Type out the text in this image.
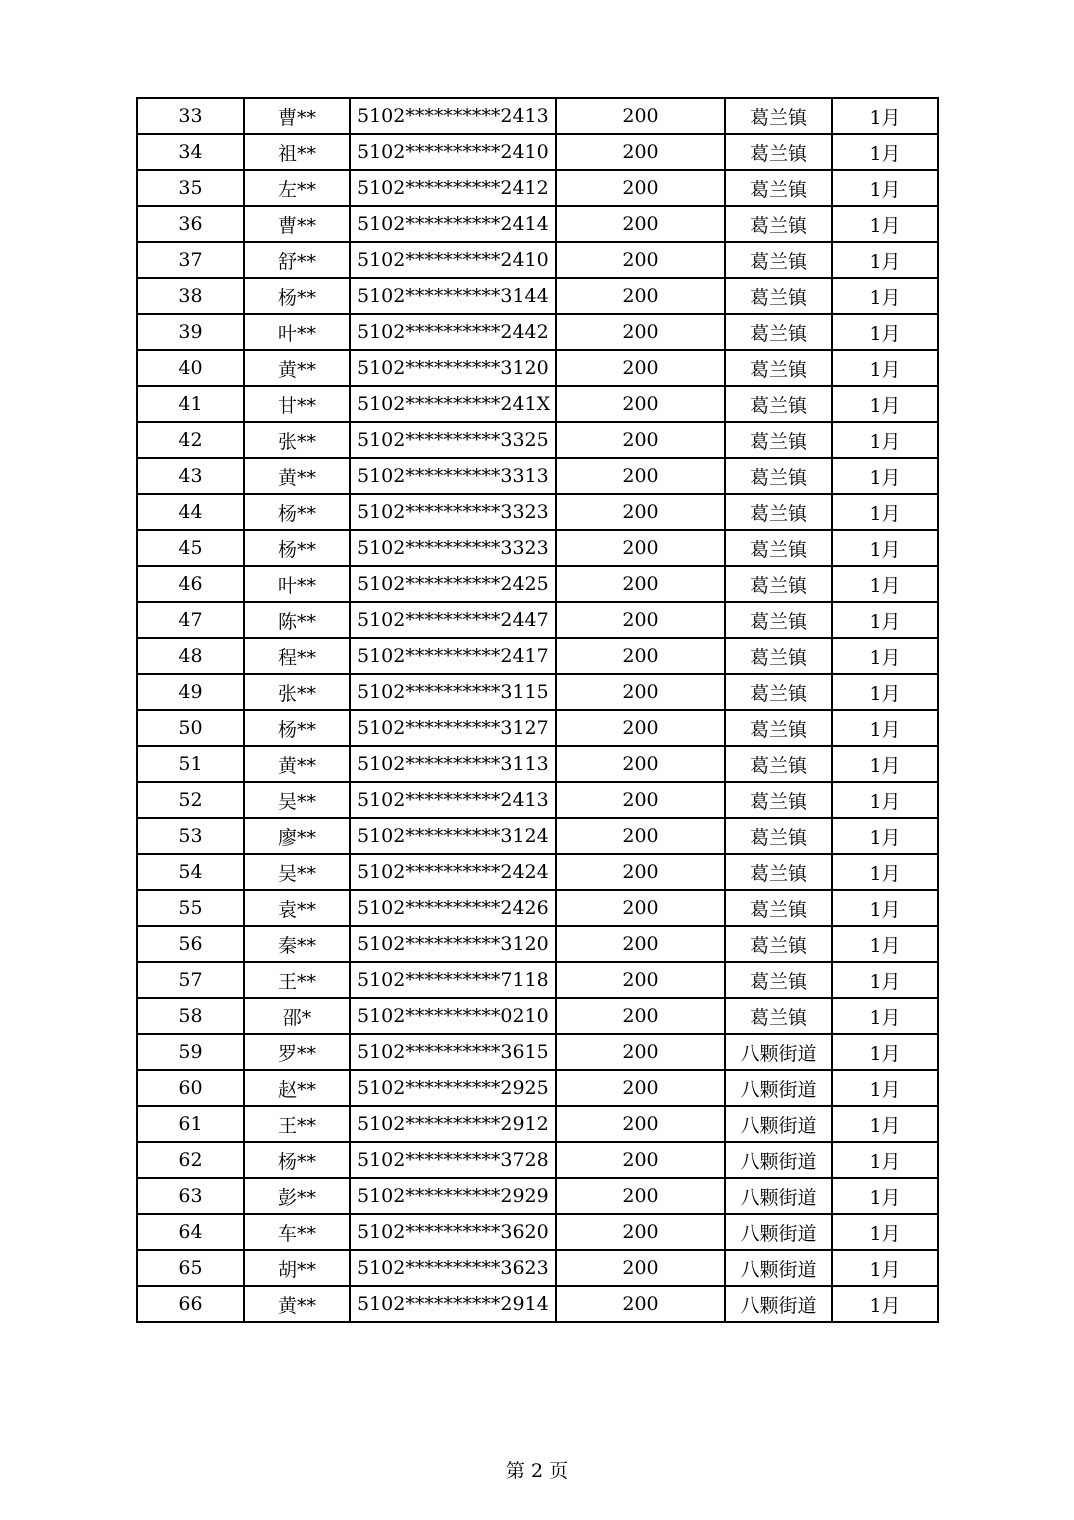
33	曹**	5102**********2413	200	葛兰镇	1月
34	祖**	5102**********2410	200	葛兰镇	1月
35	左**	5102**********2412	200	葛兰镇	1月
36	曹**	5102**********2414	200	葛兰镇	1月
37	舒**	5102**********2410	200	葛兰镇	1月
38	杨**	5102**********3144	200	葛兰镇	1月
39	叶**	5102**********2442	200	葛兰镇	1月
40	黄**	5102**********3120	200	葛兰镇	1月
41	甘**	5102**********241X	200	葛兰镇	1月
42	张**	5102**********3325	200	葛兰镇	1月
43	黄**	5102**********3313	200	葛兰镇	1月
44	杨**	5102**********3323	200	葛兰镇	1月
45	杨**	5102**********3323	200	葛兰镇	1月
46	叶**	5102**********2425	200	葛兰镇	1月
47	陈**	5102**********2447	200	葛兰镇	1月
48	程**	5102**********2417	200	葛兰镇	1月
49	张**	5102**********3115	200	葛兰镇	1月
50	杨**	5102**********3127	200	葛兰镇	1月
51	黄**	5102**********3113	200	葛兰镇	1月
52	吴**	5102**********2413	200	葛兰镇	1月
53	廖**	5102**********3124	200	葛兰镇	1月
54	吴**	5102**********2424	200	葛兰镇	1月
55	袁**	5102**********2426	200	葛兰镇	1月
56	秦**	5102**********3120	200	葛兰镇	1月
57	王**	5102**********7118	200	葛兰镇	1月
58	邵*	5102**********0210	200	葛兰镇	1月
59	罗**	5102**********3615	200	八颗街道	1月
60	赵**	5102**********2925	200	八颗街道	1月
61	王**	5102**********2912	200	八颗街道	1月
62	杨**	5102**********3728	200	八颗街道	1月
63	彭**	5102**********2929	200	八颗街道	1月
64	车**	5102**********3620	200	八颗街道	1月
65	胡**	5102**********3623	200	八颗街道	1月
66	黄**	5102**********2914	200	八颗街道	1月
第 2 页
